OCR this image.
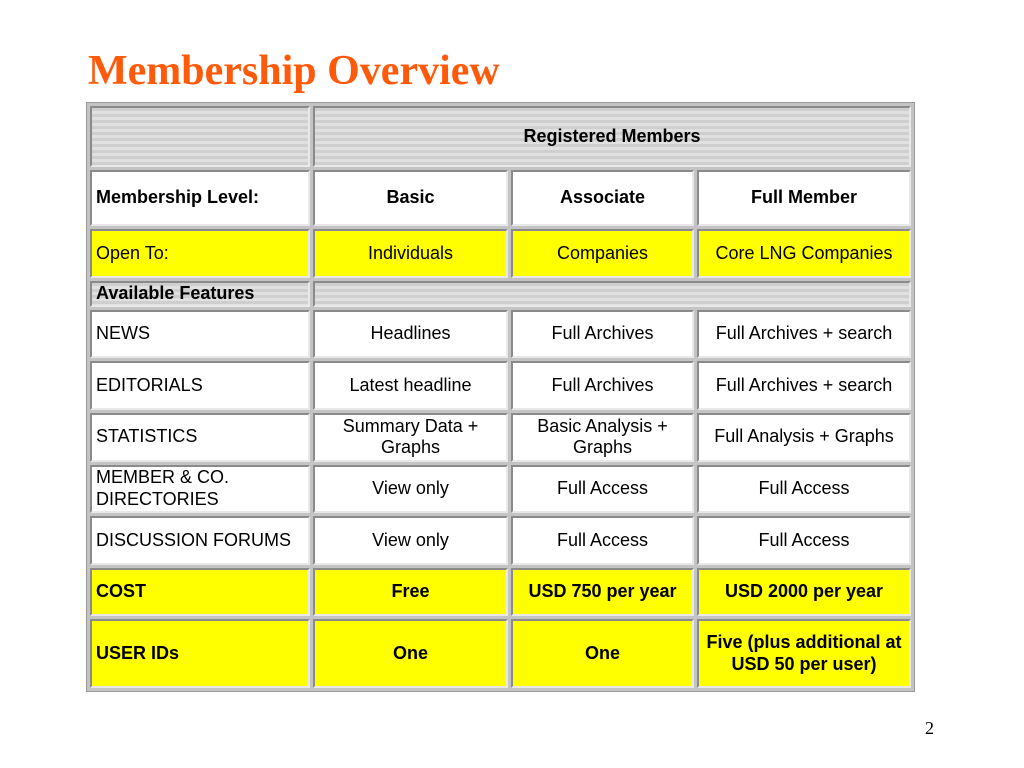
Membership Overview
	Registered Members		
Membership Level:	Basic	Associate	Full Member
Open To:	Individuals	Companies	Core LNG Companies
Available Features			
NEWS	Headlines	Full Archives	Full Archives + search
EDITORIALS	Latest headline	Full Archives	Full Archives + search
STATISTICS	Summary Data + Graphs	Basic Analysis + Graphs	Full Analysis + Graphs
MEMBER & CO. DIRECTORIES	View only	Full Access	Full Access
DISCUSSION FORUMS	View only	Full Access	Full Access
COST	Free	USD 750 per year	USD 2000 per year
USER IDs	One	One	Five (plus additional at USD 50 per user)
2
